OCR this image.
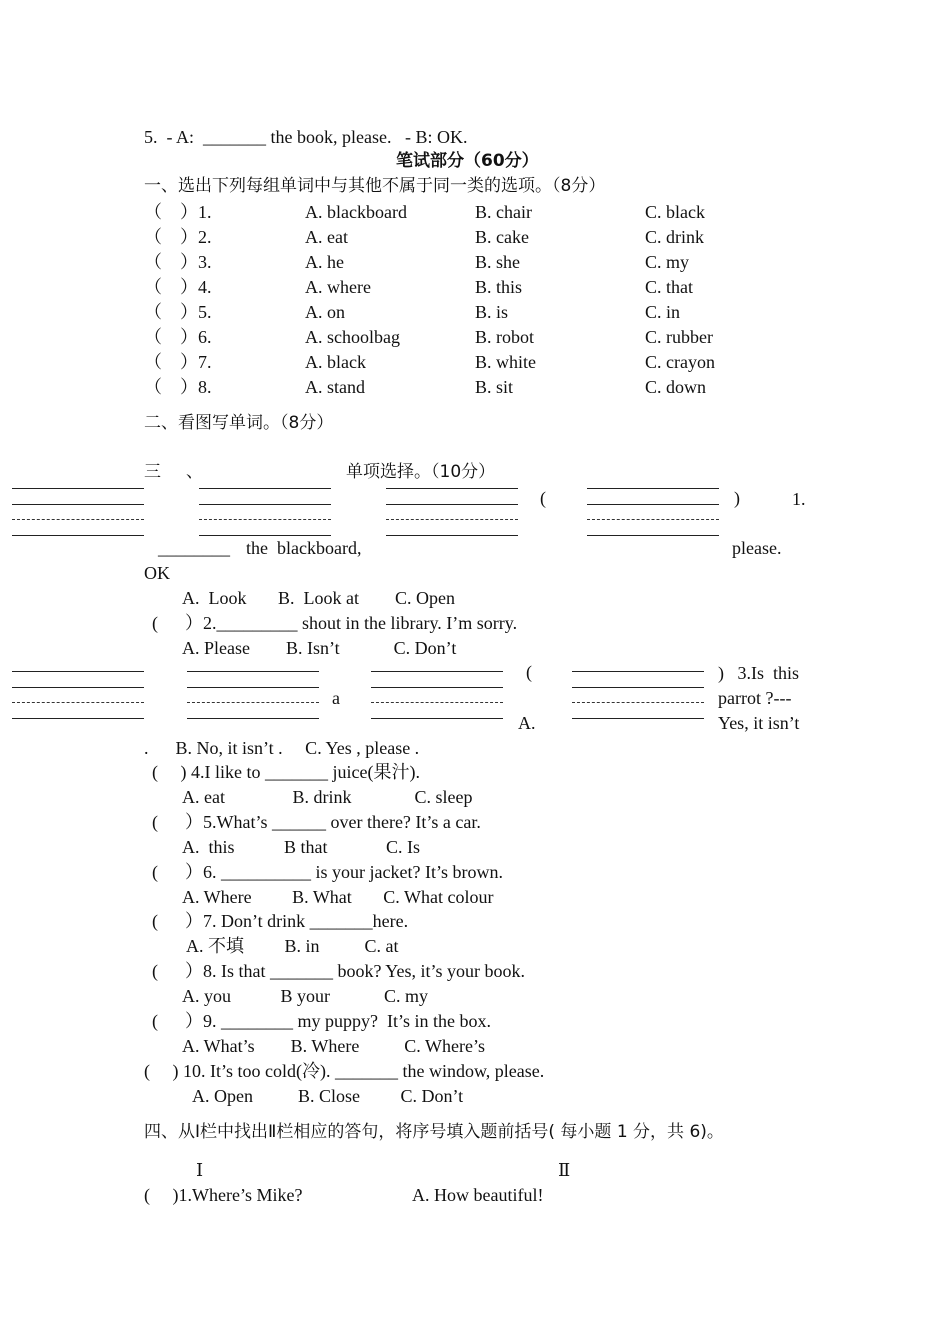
5.  - A:  _______ the book, please.   - B: OK.
笔试部分（60分）
一、选出下列每组单词中与其他不属于同一类的选项。（8分）
（　）1.	A. blackboard	B. chair	C. black
（　）2.	A. eat	B. cake	C. drink
（　）3.	A. he	B. she	C. my
（　）4.	A. where	B. this	C. that
（　）5.	A. on	B. is	C. in
（　）6.	A. schoolbag	B. robot	C. rubber
（　）7.	A. black	B. white	C. crayon
（　）8.	A. stand	B. sit	C. down
二、看图写单词。（8分）
三 、	单项选择。（10分）
(	)	1.
________ the  blackboard,	please.
OK
A.  Look       B.  Look at        C. Open
(　  ）2._________ shout in the library. I’m sorry.
A. Please        B. Isn’t            C. Don’t
(	)   3.Is  this
a	parrot ?---
A.	Yes, it isn’t
.      B. No, it isn’t .     C. Yes , please .
(     ) 4.I like to _______ juice(果汁).
A. eat               B. drink              C. sleep
(　  ）5.What’s ______ over there? It’s a car.
A.  this           B that             C. Is
(　  ）6. __________ is your jacket? It’s brown.
A. Where         B. What       C. What colour
(　  ）7. Don’t drink _______here.
A. 不填         B. in          C. at
(　  ）8. Is that _______ book? Yes, it’s your book.
A. you           B your            C. my
(　  ）9. ________ my puppy?  It’s in the box.
A. What’s        B. Where          C. Where’s
(     ) 10. It’s too cold(冷). _______ the window, please.
A. Open          B. Close         C. Don’t
四、从Ⅰ栏中找出Ⅱ栏相应的答句，将序号填入题前括号( 每小题 1 分，共 6)。
Ⅰ	Ⅱ
(     )1.Where’s Mike?	A. How beautiful!
